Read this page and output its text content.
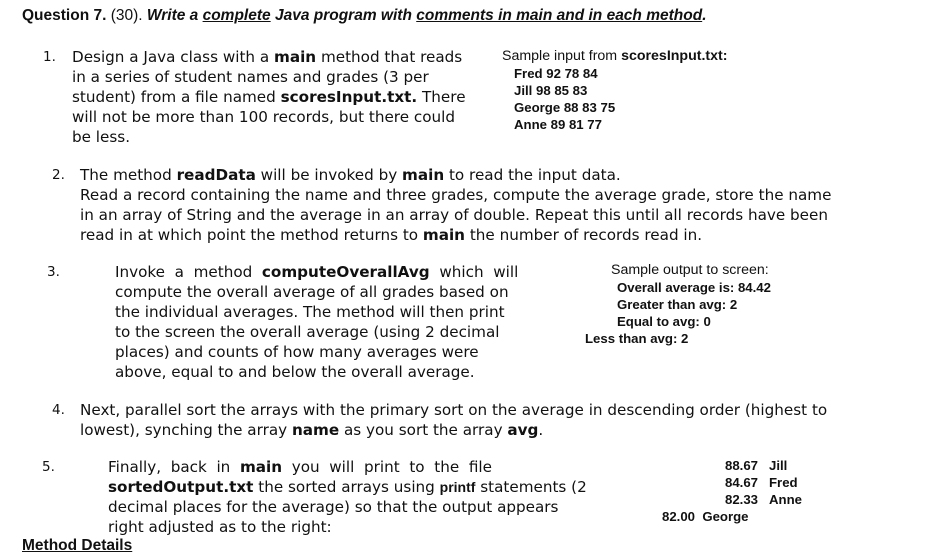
Question 7. (30). Write a complete Java program with comments in main and in each method.
1. Design a Java class with a main method that reads
in a series of student names and grades (3 per
student) from a file named scoresInput.txt. There
will not be more than 100 records, but there could
be less.
Sample input from scoresInput.txt:
Fred 92 78 84
Jill 98 85 83
George 88 83 75
Anne 89 81 77
2. The method readData will be invoked by main to read the input data.
Read a record containing the name and three grades, compute the average grade, store the name
in an array of String and the average in an array of double. Repeat this until all records have been
read in at which point the method returns to main the number of records read in.
3.	Invoke  a  method  computeOverallAvg  which  will
compute the overall average of all grades based on
the individual averages. The method will then print
to the screen the overall average (using 2 decimal
places) and counts of how many averages were
above, equal to and below the overall average.
Sample output to screen:
Overall average is: 84.42
Greater than avg: 2
Equal to avg: 0
Less than avg: 2
4. Next, parallel sort the arrays with the primary sort on the average in descending order (highest to
lowest), synching the array name as you sort the array avg.
5.	Finally,  back  in  main  you  will  print  to  the  file
sortedOutput.txt the sorted arrays using printf statements (2
decimal places for the average) so that the output appears
right adjusted as to the right:
88.67 Jill
84.67 Fred
82.33 Anne
82.00 George
Method Details
